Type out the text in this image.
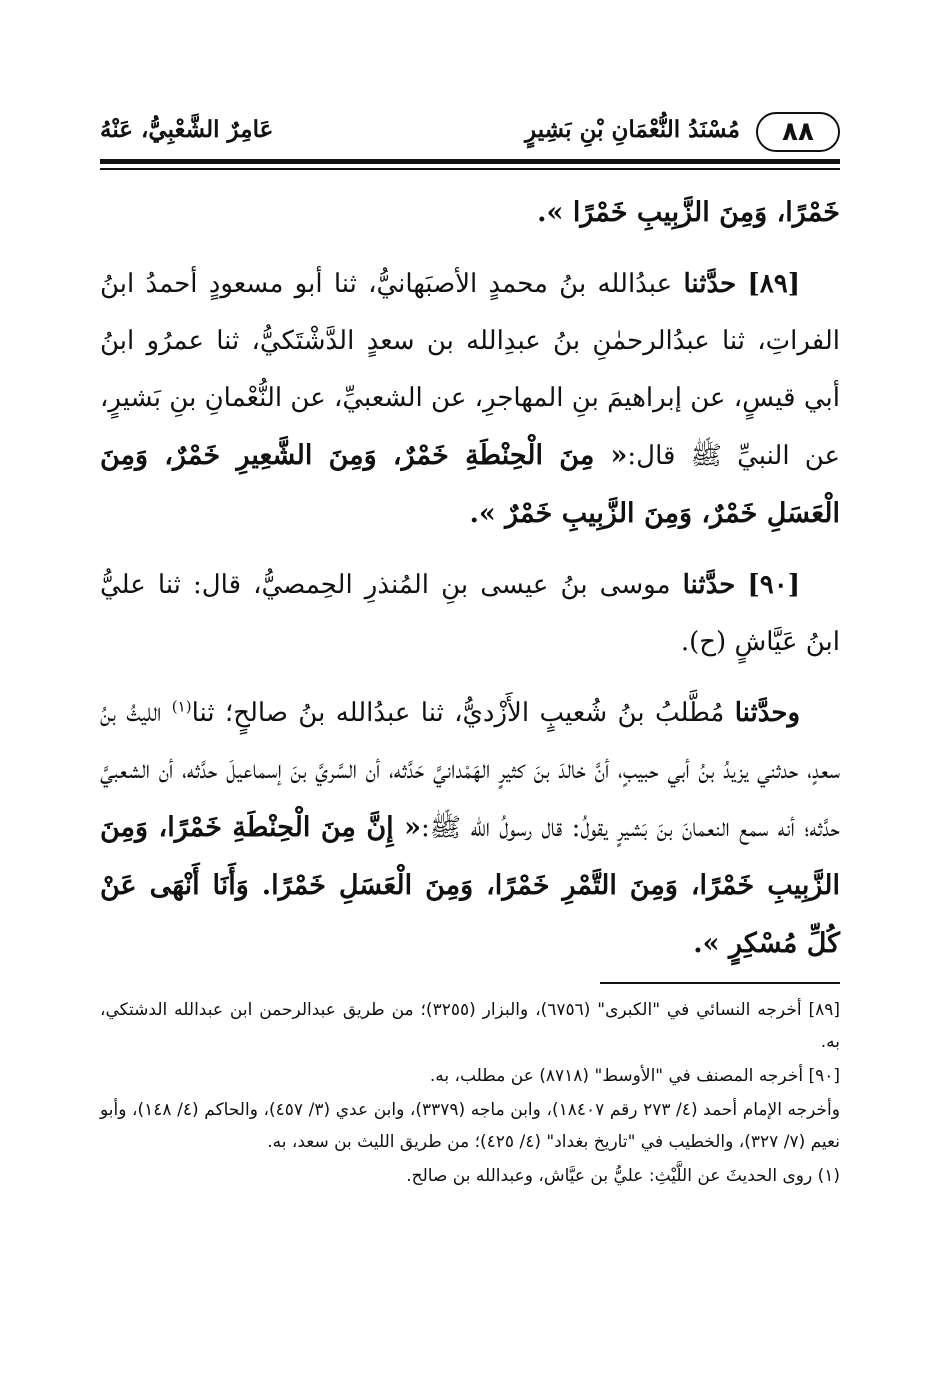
٨٨
مُسْنَدُ النُّعْمَانِ بْنِ بَشِيرٍ
عَامِرٌ الشَّعْبِيُّ، عَنْهُ
خَمْرًا، وَمِنَ الزَّبِيبِ خَمْرًا ».
[٨٩] حدَّثنا عبدُالله بنُ محمدٍ الأصبَهانيُّ، ثنا أبو مسعودٍ أحمدُ ابنُ الفراتِ، ثنا عبدُالرحمٰنِ بنُ عبدِالله بن سعدٍ الدَّشْتَكيُّ، ثنا عمرُو ابنُ أبي قيسٍ، عن إبراهيمَ بنِ المهاجرِ، عن الشعبيِّ، عن النُّعْمانِ بنِ بَشيرٍ، عن النبيِّ ﷺ قال:« مِنَ الْحِنْطَةِ خَمْرٌ، وَمِنَ الشَّعِيرِ خَمْرٌ، وَمِنَ الْعَسَلِ خَمْرٌ، وَمِنَ الزَّبِيبِ خَمْرٌ ».
[٩٠] حدَّثنا موسى بنُ عيسى بنِ المُنذرِ الحِمصيُّ، قال: ثنا عليُّ ابنُ عَيَّاشٍ (ح).
وحدَّثنا مُطَّلبُ بنُ شُعيبٍ الأَزْديُّ، ثنا عبدُالله بنُ صالحٍ؛ ثنا$^{(١)}$ الليثُ بنُ سعدٍ، حدثني يزيدُ بنُ أبي حبيبٍ، أنَّ خالدَ بنَ كثيرٍ الهَمْدانيَّ حَدَّثه، أن السَّريَّ بنَ إسماعيلَ حدَّثه، أن الشعبيَّ حدَّثه؛ أنه سمع النعمانَ بنَ بَشيرٍ يقولُ: قال رسولُ الله ﷺ:« إِنَّ مِنَ الْحِنْطَةِ خَمْرًا، وَمِنَ الزَّبِيبِ خَمْرًا، وَمِنَ التَّمْرِ خَمْرًا، وَمِنَ الْعَسَلِ خَمْرًا. وَأَنَا أَنْهَى عَنْ كُلِّ مُسْكِرٍ ».

[٨٩] أخرجه النسائي في "الكبرى" (٦٧٥٦)، والبزار (٣٢٥٥)؛ من طريق عبدالرحمن ابن عبدالله الدشتكي، به.

[٩٠] أخرجه المصنف في "الأوسط" (٨٧١٨) عن مطلب، به.

وأخرجه الإمام أحمد (٤/ ٢٧٣ رقم ١٨٤٠٧)، وابن ماجه (٣٣٧٩)، وابن عدي (٣/ ٤٥٧)، والحاكم (٤/ ١٤٨)، وأبو نعيم (٧/ ٣٢٧)، والخطيب في "تاريخ بغداد" (٤/ ٤٢٥)؛ من طريق الليث بن سعد، به.

(١) روى الحديثَ عن اللَّيْثِ: عليُّ بن عيَّاش، وعبدالله بن صالح.
